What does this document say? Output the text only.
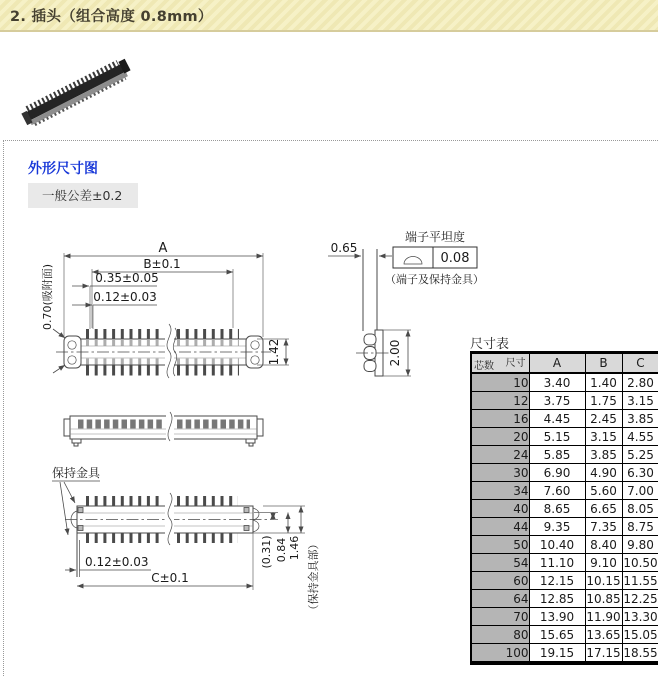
2. 插头（组合高度 0.8mm）
外形尺寸图
一般公差±0.2
A
B±0.1
0.35±0.05
0.12±0.03
0.70(吸附面)
1.42
0.65
2.00
端子平坦度
0.08
（端子及保持金具）
保持金具
(0.31) 0.84 1.46 （保持金具部）
0.12±0.03
C±0.1
尺寸表
尺寸
芯数	A	B	C
10	3.40	1.40	2.80
12	3.75	1.75	3.15
16	4.45	2.45	3.85
20	5.15	3.15	4.55
24	5.85	3.85	5.25
30	6.90	4.90	6.30
34	7.60	5.60	7.00
40	8.65	6.65	8.05
44	9.35	7.35	8.75
50	10.40	8.40	9.80
54	11.10	9.10	10.50
60	12.15	10.15	11.55
64	12.85	10.85	12.25
70	13.90	11.90	13.30
80	15.65	13.65	15.05
100	19.15	17.15	18.55
